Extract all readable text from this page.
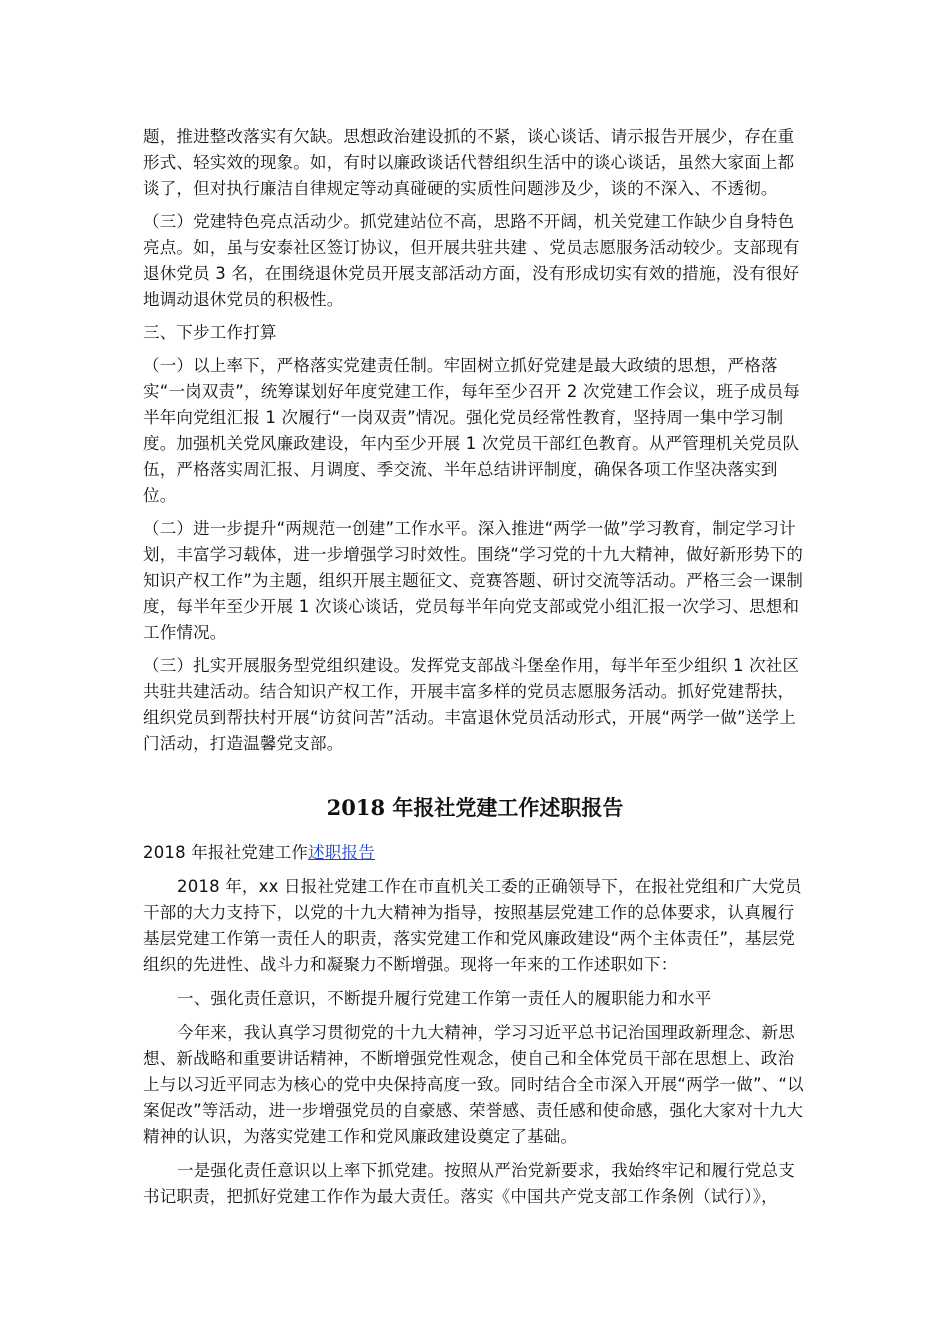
题，推进整改落实有欠缺。思想政治建设抓的不紧，谈心谈话、请示报告开展少，存在重形式、轻实效的现象。如，有时以廉政谈话代替组织生活中的谈心谈话，虽然大家面上都谈了，但对执行廉洁自律规定等动真碰硬的实质性问题涉及少，谈的不深入、不透彻。

（三）党建特色亮点活动少。抓党建站位不高，思路不开阔，机关党建工作缺少自身特色亮点。如，虽与安泰社区签订协议，但开展共驻共建 、党员志愿服务活动较少。支部现有退休党员 3 名，在围绕退休党员开展支部活动方面，没有形成切实有效的措施，没有很好地调动退休党员的积极性。

三、下步工作打算

（一）以上率下，严格落实党建责任制。牢固树立抓好党建是最大政绩的思想，严格落实“一岗双责”，统筹谋划好年度党建工作，每年至少召开 2 次党建工作会议，班子成员每半年向党组汇报 1 次履行“一岗双责”情况。强化党员经常性教育，坚持周一集中学习制度。加强机关党风廉政建设，年内至少开展 1 次党员干部红色教育。从严管理机关党员队伍，严格落实周汇报、月调度、季交流、半年总结讲评制度，确保各项工作坚决落实到位。

（二）进一步提升“两规范一创建”工作水平。深入推进“两学一做”学习教育，制定学习计划，丰富学习载体，进一步增强学习时效性。围绕“学习党的十九大精神，做好新形势下的知识产权工作”为主题，组织开展主题征文、竞赛答题、研讨交流等活动。严格三会一课制度，每半年至少开展 1 次谈心谈话，党员每半年向党支部或党小组汇报一次学习、思想和工作情况。

（三）扎实开展服务型党组织建设。发挥党支部战斗堡垒作用，每半年至少组织 1 次社区共驻共建活动。结合知识产权工作，开展丰富多样的党员志愿服务活动。抓好党建帮扶，组织党员到帮扶村开展“访贫问苦”活动。丰富退休党员活动形式，开展“两学一做”送学上门活动，打造温馨党支部。

2018 年报社党建工作述职报告

2018 年报社党建工作述职报告

2018 年，xx 日报社党建工作在市直机关工委的正确领导下，在报社党组和广大党员干部的大力支持下，以党的十九大精神为指导，按照基层党建工作的总体要求，认真履行基层党建工作第一责任人的职责，落实党建工作和党风廉政建设“两个主体责任”，基层党组织的先进性、战斗力和凝聚力不断增强。现将一年来的工作述职如下：

一、强化责任意识，不断提升履行党建工作第一责任人的履职能力和水平

今年来，我认真学习贯彻党的十九大精神，学习习近平总书记治国理政新理念、新思想、新战略和重要讲话精神，不断增强党性观念，使自己和全体党员干部在思想上、政治上与以习近平同志为核心的党中央保持高度一致。同时结合全市深入开展“两学一做”、“以案促改”等活动，进一步增强党员的自豪感、荣誉感、责任感和使命感，强化大家对十九大精神的认识，为落实党建工作和党风廉政建设奠定了基础。

一是强化责任意识以上率下抓党建。按照从严治党新要求，我始终牢记和履行党总支书记职责，把抓好党建工作作为最大责任。落实《中国共产党支部工作条例（试行）》，
